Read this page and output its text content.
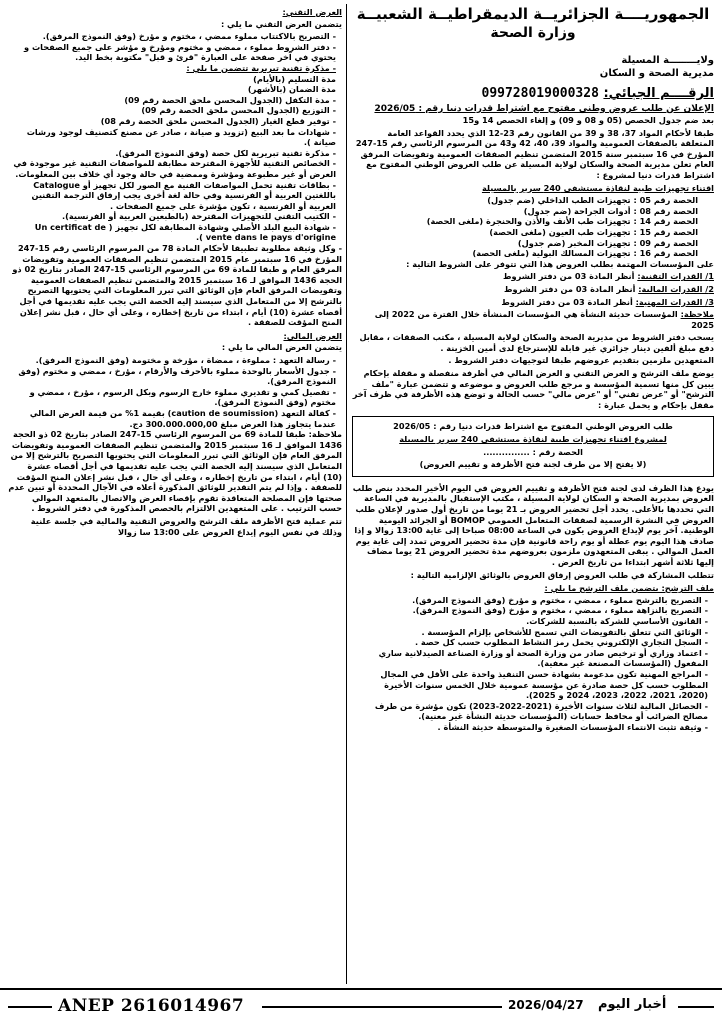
الجمهوريــــة الجزائريــة الديمقراطيــة الشعبيــة

وزارة الصحة

ولايــــــــة المسيلة

مديرية الصحة و السكان

الرقــــم الجبائي: 099728019000328

الإعلان عن طلب عروض وطني مفتوح مع اشتراط قدرات دنيا رقم : 2026/05

بعد ضم جدول الحصص (05 و 08 و 09) و إلغاء الحصص 14 و15

طبقا لأحكام المواد 37، 38 و 39 من القانون رقم 23-12 الذي يحدد القواعد العامة المتعلقة بالصفقات العمومية والمواد 39، 40، 42 و43 من المرسوم الرئاسي رقم 15-247 المؤرخ في 16 سبتمبر سنة 2015 المتضمن تنظيم الصفقات العمومية وتفويضات المرفق العام تعلن مديرية الصحة والسكان لولاية المسيلة عن طلب العروض الوطني المفتوح مع اشتراط قدرات دنيا لمشروع :

اقتناء تجهيزات طبية لنقاذة مستشفى 240 سرير بالمسيلة

الحصة رقم 05 : تجهيزات الطب الداخلي (ضم جدول)
الحصة رقم 08 : أدوات الجراحة (ضم جدول)
الحصة رقم 14 : تجهيزات طب الأنف والأذن والحنجرة (ملغى الحصة)
الحصة رقم 15 : تجهيزات طب العيون (ملغى الحصة)
الحصة رقم 09 : تجهيزات المخبر (ضم جدول)
الحصة رقم 16 : تجهيزات المسالك البولية (ملغى الحصة)

على المؤسسات المهتمة بطلب العروض هذا التي تتوفر على الشروط التالية :

1/ القدرات التقنية: أنظر المادة 03 من دفتر الشروط

2/ القدرات المالية: أنظر المادة 03 من دفتر الشروط

3/ القدرات المهنية: أنظر المادة 03 من دفتر الشروط

ملاحظة: المؤسسات حديثة النشأة هي المؤسسات المنشأة خلال الفترة من 2022 إلى 2025

يسحب دفتر الشروط من مديرية الصحة والسكان لولاية المسيلة ، مكتب الصفقات ، مقابل دفع مبلغ ألفين دينار جزائري غير قابلة للإسترجاع لدى أمين الخزينة .

المتعهدين ملزمين بتقديم عروضهم طبقا لتوجيهات دفتر الشروط .

يوضع ملف الترشح و العرض التقني و العرض المالي في أظرفة منفصلة و مقفلة بإحكام يبين كل منها تسمية المؤسسة و مرجع طلب العروض و موضوعه و تتضمن عبارة "ملف الترشح" أو "عرض تقني" أو "عرض مالي" حسب الحالة و توضع هذه الأظرفة في ظرف آخر مقفل بإحكام و يحمل عبارة :

طلب العروض الوطني المفتوح مع اشتراط قدرات دنيا رقم : 2026/05

لمشروع اقتناء تجهيزات طبية لنقاذة مستشفى 240 سرير بالمسيلة

الحصة رقم : ...............

(لا يفتح إلا من طرف لجنة فتح الأظرفة و تقييم العروض)

يودع هذا الظرف لدى لجنة فتح الأظرفة و تقييم العروض في اليوم الأخير المحدد بنص طلب العروض بمديرية الصحة و السكان لولاية المسيلة ، مكتب الإستقبال بالمديرية في الساعة التي تحددها بالأعلى. يحدد أجل تحضير العروض بـ 21 يوما من تاريخ أول صدور لإعلان طلب العروض في النشرة الرسمية لصفقات المتعامل العمومي BOMOP أو الجرائد اليومية الوطنية. آخر يوم لإيداع العروض يكون في الساعة 08:00 صباحا إلى غاية 13:00 زوالا و إذا صادف هذا اليوم يوم عطلة أو يوم راحة قانونية فإن مدة تحضير العروض تمدد إلى غاية يوم العمل الموالي . يبقى المتعهدون ملزمون بعروضهم مدة تحضير العروض 21 يوما مضاف إليها ثلاثة أشهر ابتداءا من تاريخ العرض .

تتطلب المشاركة في طلب العروض إرفاق العروض بالوثائق الإلزامية التالية :

ملف الترشح: يتضمن ملف الترشح ما يلي :

- التصريح بالترشح مملوء ، ممضي ، مختوم و مؤرخ (وفق النموذج المرفق).
- التصريح بالنزاهة مملوء ، ممضي ، مختوم و مؤرخ (وفق النموذج المرفق).
- القانون الأساسي للشركة بالنسبة للشركات.
- الوثائق التي تتعلق بالتفويضات التي تسمح للأشخاص بإلزام المؤسسة .
- السجل التجاري الإلكتروني يحمل رمز النشاط المطلوب حسب كل حصة .
- اعتماد وزاري أو ترخيص صادر من وزارة الصحة أو وزارة الصناعة الصيدلانية ساري المفعول (المؤسسات المصنعة غير معفية).
- المراجع المهنية تكون مدعومة بشهادة حسن التنفيذ واحدة على الأقل في المجال المطلوب حسب كل حصة صادرة عن مؤسسة عمومية خلال الخمس سنوات الأخيرة (2020، 2021، 2022، 2023، 2024 و 2025).
- الحصائل المالية لثلاث سنوات الأخيرة (2021-2022-2023) تكون مؤشرة من طرف مصالح الضرائب أو محافظ حسابات (المؤسسات حديثة النشأة غير معنية).
- وثيقة تثبت الانتماء المؤسسات الصغيرة والمتوسطة حديثة النشأة .

العرض التقني:

يتضمن العرض التقني ما يلي :

- التصريح بالاكتتاب مملوء ممضي ، مختوم و مؤرخ (وفق النموذج المرفق).
- دفتر الشروط مملوء ، ممضي و مختوم ومؤرخ و مؤشر على جميع الصفحات و يحتوي في آخر صفحة على العبارة "قرئ و قبل" مكتوبة بخط اليد.
- مذكرة تقنية تبريرية تتضمن ما يلي :
مدة التسليم (بالأيام)
مدة الضمان (بالأشهر)
- مدة التكفل (الجدول المحسن ملحق الحصة رقم 09)
- التوزيع (الجدول المحسن ملحق الحصة رقم 09)
- توفير قطع الغيار (الجدول المحسن ملحق الحصة رقم 08)
- شهادات ما بعد البيع (تزويد و صيانة ، صادر عن مصنع كتصنيف لوجود ورشات صيانة ).
- مذكرة تقنية تبريرية لكل حصة (وفق النموذج المرفق).
- الخصائص التقنية للأجهزة المقترحة مطابقة للمواصفات التقنية غير موجودة في العرض أو غير مطبوعة ومؤشرة وممضية في حالة وجود أي خلاف بين المعلومات.
- بطاقات تقنية تحمل المواصفات الفنية مع الصور لكل تجهيز أو Catalogue باللغتين العربية أو الفرنسية وفي حالة لغة أخرى يجب إرفاق الترجمة التقنين العربية أو الفرنسية ، تكون مؤشرة على جميع الصفحات .
- الكتيب التقني للتجهيزات المقترحة (بالطبعين العربية أو الفرنسية).
- شهادة البيع البلد الأصلي وشهادة المطابقة لكل تجهيز ( Un certificat de vente dans le pays d'origine ).

- وكل وثيقة مطلوبة تطبيقا لأحكام المادة 78 من المرسوم الرئاسي رقم 15-247 المؤرخ في 16 سبتمبر عام 2015 المتضمن تنظيم الصفقات العمومية وتفويضات المرفق العام و طبقا للمادة 69 من المرسوم الرئاسي 15-247 الصادر بتاريخ 02 ذو الحجة 1436 الموافق لـ 16 سبتمبر 2015 والمتضمن تنظيم الصفقات العمومية وتفويضات المرفق العام فإن الوثائق التي تبرر المعلومات التي يحتويها التصريح بالترشح إلا من المتعامل الذي سيسند إليه الحصة التي يجب عليه تقديمها في أجل أقصاه عشرة (10) أيام ، ابتداء من تاريخ إخطاره ، وعلى أي حال ، قبل نشر إعلان المنح المؤقت للصفقة .

العرض المالي:

يتضمن العرض المالي ما يلي :

- رسالة التعهد : مملوءة ، ممضاة ، مؤرخة و مختومة (وفق النموذج المرفق).
- جدول الأسعار بالوحدة مملوء بالأحرف والأرقام ، مؤرخ ، ممضي و مختوم (وفق النموذج المرفق).
- تفصيل كمي و تقديري مملوء خارج الرسوم وبكل الرسوم ، مؤرخ ، ممضي و مختوم (وفق النموذج المرفق).
- كفالة التعهد (caution de soumission) بقيمة 1% من قيمة العرض المالي عندما يتجاوز هذا العرض مبلغ 300.000.000,00 دج.

ملاحظة: طبقا للمادة 69 من المرسوم الرئاسي 15-247 الصادر بتاريخ 02 ذو الحجة 1436 الموافق لـ 16 سبتمبر 2015 والمتضمن تنظيم الصفقات العمومية وتفويضات المرفق العام فإن الوثائق التي تبرر المعلومات التي يحتويها التصريح بالترشح إلا من المتعامل الذي سيسند إليه الحصة التي يجب عليه تقديمها في أجل أقصاه عشرة (10) أيام ، ابتداء من تاريخ إخطاره ، وعلى أي حال ، قبل نشر إعلان المنح المؤقت للصفقة . وإذا لم يتم التقدير للوثائق المذكورة أعلاه في الآجال المحددة أو تبين عدم صحتها فإن المصلحة المتعاقدة تقوم بإقصاء العرض والاتصال بالمتعهد الموالي حسب الترتيب . على المتعهدين الالتزام بالحصص المذكورة في دفتر الشروط .

تتم عملية فتح الأظرفة ملف الترشح والعروض التقنية والمالية في جلسة علنية وذلك في نفس اليوم إيداع العروض على 13:00 سا زوالا

ANEP 2616014967	2026/04/27 أخبار اليوم
